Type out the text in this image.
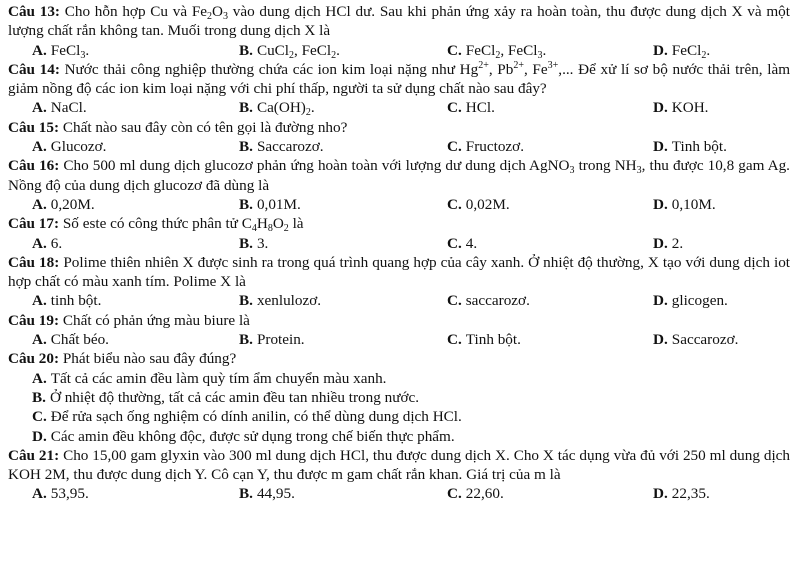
Câu 13: Cho hỗn hợp Cu và $Fe_2O_3$ vào dung dịch HCl dư. Sau khi phản ứng xảy ra hoàn toàn, thu được dung dịch X và một lượng chất rắn không tan. Muối trong dung dịch X là
A. FeCl$_3$.	B. CuCl$_2$, FeCl$_2$.	C. FeCl$_2$, FeCl$_3$.	D. FeCl$_2$.
Câu 14: Nước thải công nghiệp thường chứa các ion kim loại nặng như $Hg^{2+}$, $Pb^{2+}$, $Fe^{3+}$,... Để xử lí sơ bộ nước thải trên, làm giảm nồng độ các ion kim loại nặng với chi phí thấp, người ta sử dụng chất nào sau đây?
A. NaCl.	B. $Ca(OH)_2$.	C. HCl.	D. KOH.
Câu 15: Chất nào sau đây còn có tên gọi là đường nho?
A. Glucozơ.	B. Saccarozơ.	C. Fructozơ.	D. Tinh bột.
Câu 16: Cho 500 ml dung dịch glucozơ phản ứng hoàn toàn với lượng dư dung dịch AgNO$_3$ trong $NH_3$, thu được 10,8 gam Ag. Nồng độ của dung dịch glucozơ đã dùng là
A. 0,20M.	B. 0,01M.	C. 0,02M.	D. 0,10M.
Câu 17: Số este có công thức phân tử $C_4H_8O_2$ là
A. 6.	B. 3.	C. 4.	D. 2.
Câu 18: Polime thiên nhiên X được sinh ra trong quá trình quang hợp của cây xanh. Ở nhiệt độ thường, X tạo với dung dịch iot hợp chất có màu xanh tím. Polime X là
A. tinh bột.	B. xenlulozơ.	C. saccarozơ.	D. glicogen.
Câu 19: Chất có phản ứng màu biure là
A. Chất béo.	B. Protein.	C. Tinh bột.	D. Saccarozơ.
Câu 20: Phát biểu nào sau đây đúng?
A. Tất cả các amin đều làm quỳ tím ẩm chuyển màu xanh.
B. Ở nhiệt độ thường, tất cả các amin đều tan nhiều trong nước.
C. Để rửa sạch ống nghiệm có dính anilin, có thể dùng dung dịch HCl.
D. Các amin đều không độc, được sử dụng trong chế biến thực phẩm.
Câu 21: Cho 15,00 gam glyxin vào 300 ml dung dịch HCl, thu được dung dịch X. Cho X tác dụng vừa đủ với 250 ml dung dịch KOH 2M, thu được dung dịch Y. Cô cạn Y, thu được m gam chất rắn khan. Giá trị của m là
A. 53,95.	B. 44,95.	C. 22,60.	D. 22,35.
